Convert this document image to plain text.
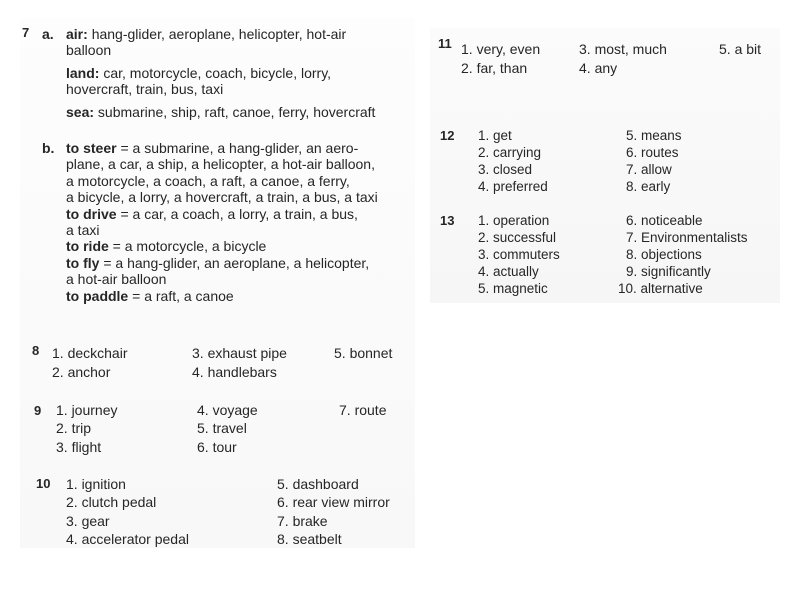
7 a. air: hang-glider, aeroplane, helicopter, hot-air
balloon
land: car, motorcycle, coach, bicycle, lorry,
hovercraft, train, bus, taxi
sea: submarine, ship, raft, canoe, ferry, hovercraft
b. to steer = a submarine, a hang-glider, an aero-
plane, a car, a ship, a helicopter, a hot-air balloon,
a motorcycle, a coach, a raft, a canoe, a ferry,
a bicycle, a lorry, a hovercraft, a train, a bus, a taxi
to drive = a car, a coach, a lorry, a train, a bus,
a taxi
to ride = a motorcycle, a bicycle
to fly = a hang-glider, an aeroplane, a helicopter,
a hot-air balloon
to paddle = a raft, a canoe
8 1. deckchair
2. anchor
3. exhaust pipe
4. handlebars
5. bonnet
9 1. journey
2. trip
3. flight
4. voyage
5. travel
6. tour
7. route
10 1. ignition
2. clutch pedal
3. gear
4. accelerator pedal
5. dashboard
6. rear view mirror
7. brake
8. seatbelt
11 1. very, even
2. far, than
3. most, much
4. any
5. a bit
12 1. get
2. carrying
3. closed
4. preferred
5. means
6. routes
7. allow
8. early
13 1. operation
2. successful
3. commuters
4. actually
5. magnetic
6. noticeable
7. Environmentalists
8. objections
9. significantly
10. alternative
